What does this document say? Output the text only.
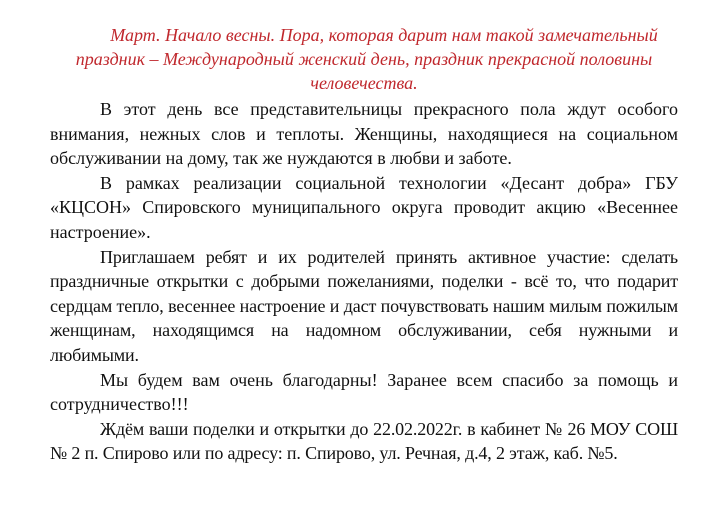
Март. Начало весны. Пора, которая дарит нам такой замечательный праздник – Международный женский день, праздник прекрасной половины человечества.

В этот день все представительницы прекрасного пола ждут особого внимания, нежных слов и теплоты. Женщины, находящиеся на социальном обслуживании на дому, так же нуждаются в любви и заботе.

В рамках реализации социальной технологии «Десант добра» ГБУ «КЦСОН» Спировского муниципального округа проводит акцию «Весеннее настроение».

Приглашаем ребят и их родителей принять активное участие: сделать праздничные открытки с добрыми пожеланиями, поделки - всё то, что подарит сердцам тепло, весеннее настроение и даст почувствовать нашим милым пожилым женщинам, находящимся на надомном обслуживании, себя нужными и любимыми.

Мы будем вам очень благодарны! Заранее всем спасибо за помощь и сотрудничество!!!

Ждём ваши поделки и открытки до 22.02.2022г. в кабинет № 26 МОУ СОШ № 2 п. Спирово или по адресу: п. Спирово, ул. Речная, д.4, 2 этаж, каб. №5.
